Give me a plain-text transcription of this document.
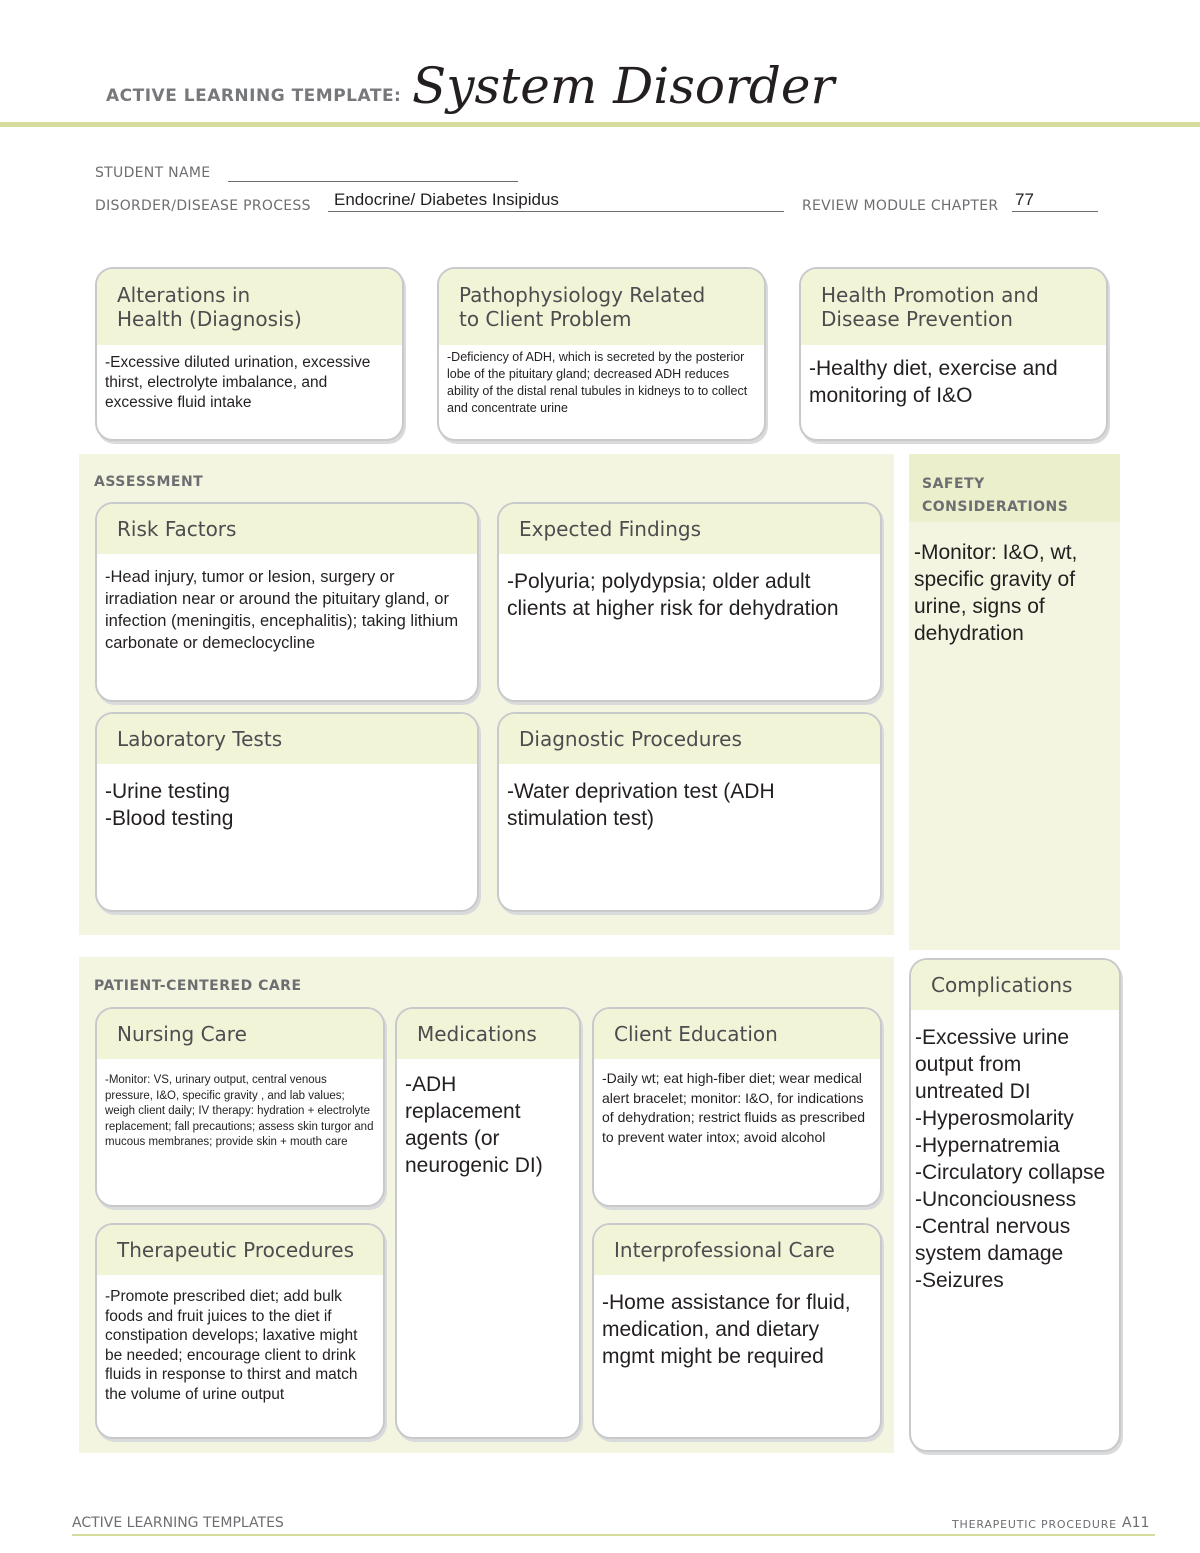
ACTIVE LEARNING TEMPLATE: System Disorder
STUDENT NAME
DISORDER/DISEASE PROCESS	Endocrine/ Diabetes Insipidus	REVIEW MODULE CHAPTER 77
Alterations in
Health (Diagnosis)
-Excessive diluted urination, excessive thirst, electrolyte imbalance, and excessive fluid intake
Pathophysiology Related
to Client Problem
-Deficiency of ADH, which is secreted by the posterior lobe of the pituitary gland; decreased ADH reduces ability of the distal renal tubules in kidneys to to collect and concentrate urine
Health Promotion and
Disease Prevention
-Healthy diet, exercise and monitoring of I&O
ASSESSMENT
Risk Factors
-Head injury, tumor or lesion, surgery or irradiation near or around the pituitary gland, or infection (meningitis, encephalitis); taking lithium carbonate or demeclocycline
Expected Findings
-Polyuria; polydypsia; older adult clients at higher risk for dehydration
Laboratory Tests
-Urine testing
-Blood testing
Diagnostic Procedures
-Water deprivation test (ADH stimulation test)
SAFETY
CONSIDERATIONS
-Monitor: I&O, wt, specific gravity of urine, signs of dehydration
PATIENT-CENTERED CARE
Nursing Care
-Monitor: VS, urinary output, central venous pressure, I&O, specific gravity , and lab values; weigh client daily; IV therapy: hydration + electrolyte replacement; fall precautions; assess skin turgor and mucous membranes; provide skin + mouth care
Medications
-ADH replacement agents (or neurogenic DI)
Client Education
-Daily wt; eat high-fiber diet; wear medical alert bracelet; monitor: I&O, for indications of dehydration; restrict fluids as prescribed to prevent water intox; avoid alcohol
Therapeutic Procedures
-Promote prescribed diet; add bulk foods and fruit juices to the diet if constipation develops; laxative might be needed; encourage client to drink fluids in response to thirst and match the volume of urine output
Interprofessional Care
-Home assistance for fluid, medication, and dietary mgmt might be required
Complications
-Excessive urine output from untreated DI
-Hyperosmolarity
-Hypernatremia
-Circulatory collapse
-Unconciousness
-Central nervous system damage
-Seizures
ACTIVE LEARNING TEMPLATES	THERAPEUTIC PROCEDURE A11
